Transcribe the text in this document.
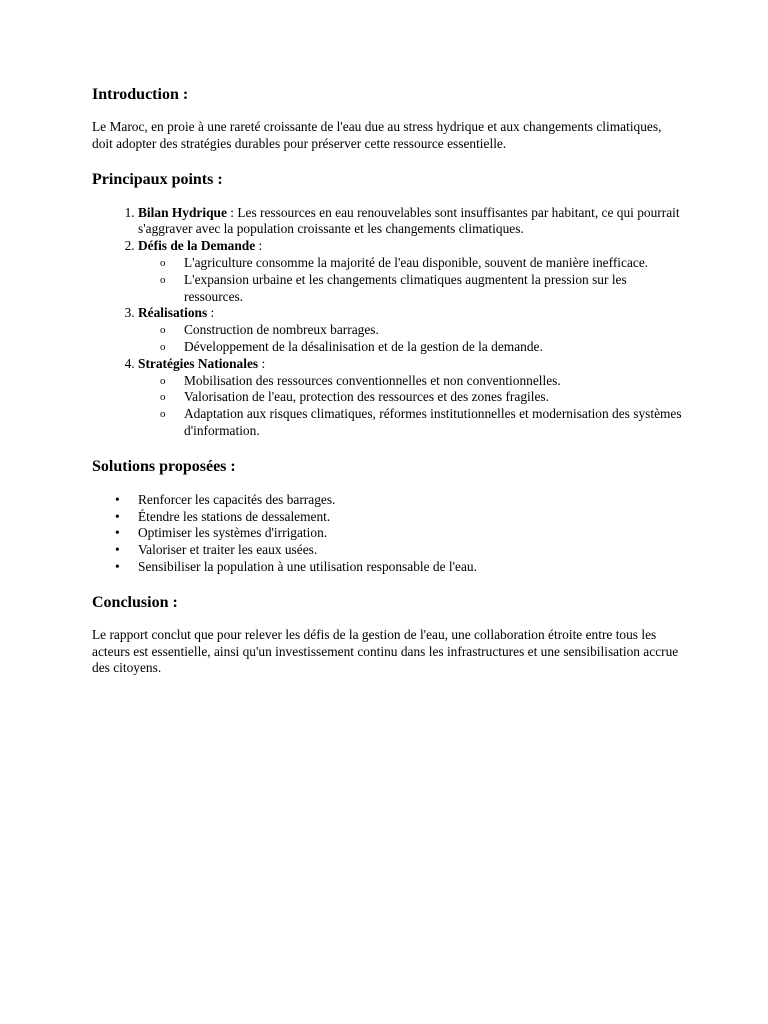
Introduction :

Le Maroc, en proie à une rareté croissante de l'eau due au stress hydrique et aux changements climatiques, doit adopter des stratégies durables pour préserver cette ressource essentielle.

Principaux points :
1. Bilan Hydrique : Les ressources en eau renouvelables sont insuffisantes par habitant, ce qui pourrait s'aggraver avec la population croissante et les changements climatiques.
2. Défis de la Demande :
o L'agriculture consomme la majorité de l'eau disponible, souvent de manière inefficace.
o L'expansion urbaine et les changements climatiques augmentent la pression sur les ressources.
3. Réalisations :
o Construction de nombreux barrages.
o Développement de la désalinisation et de la gestion de la demande.
4. Stratégies Nationales :
o Mobilisation des ressources conventionnelles et non conventionnelles.
o Valorisation de l'eau, protection des ressources et des zones fragiles.
o Adaptation aux risques climatiques, réformes institutionnelles et modernisation des systèmes d'information.
Solutions proposées :
• Renforcer les capacités des barrages.
• Étendre les stations de dessalement.
• Optimiser les systèmes d'irrigation.
• Valoriser et traiter les eaux usées.
• Sensibiliser la population à une utilisation responsable de l'eau.
Conclusion :

Le rapport conclut que pour relever les défis de la gestion de l'eau, une collaboration étroite entre tous les acteurs est essentielle, ainsi qu'un investissement continu dans les infrastructures et une sensibilisation accrue des citoyens.
